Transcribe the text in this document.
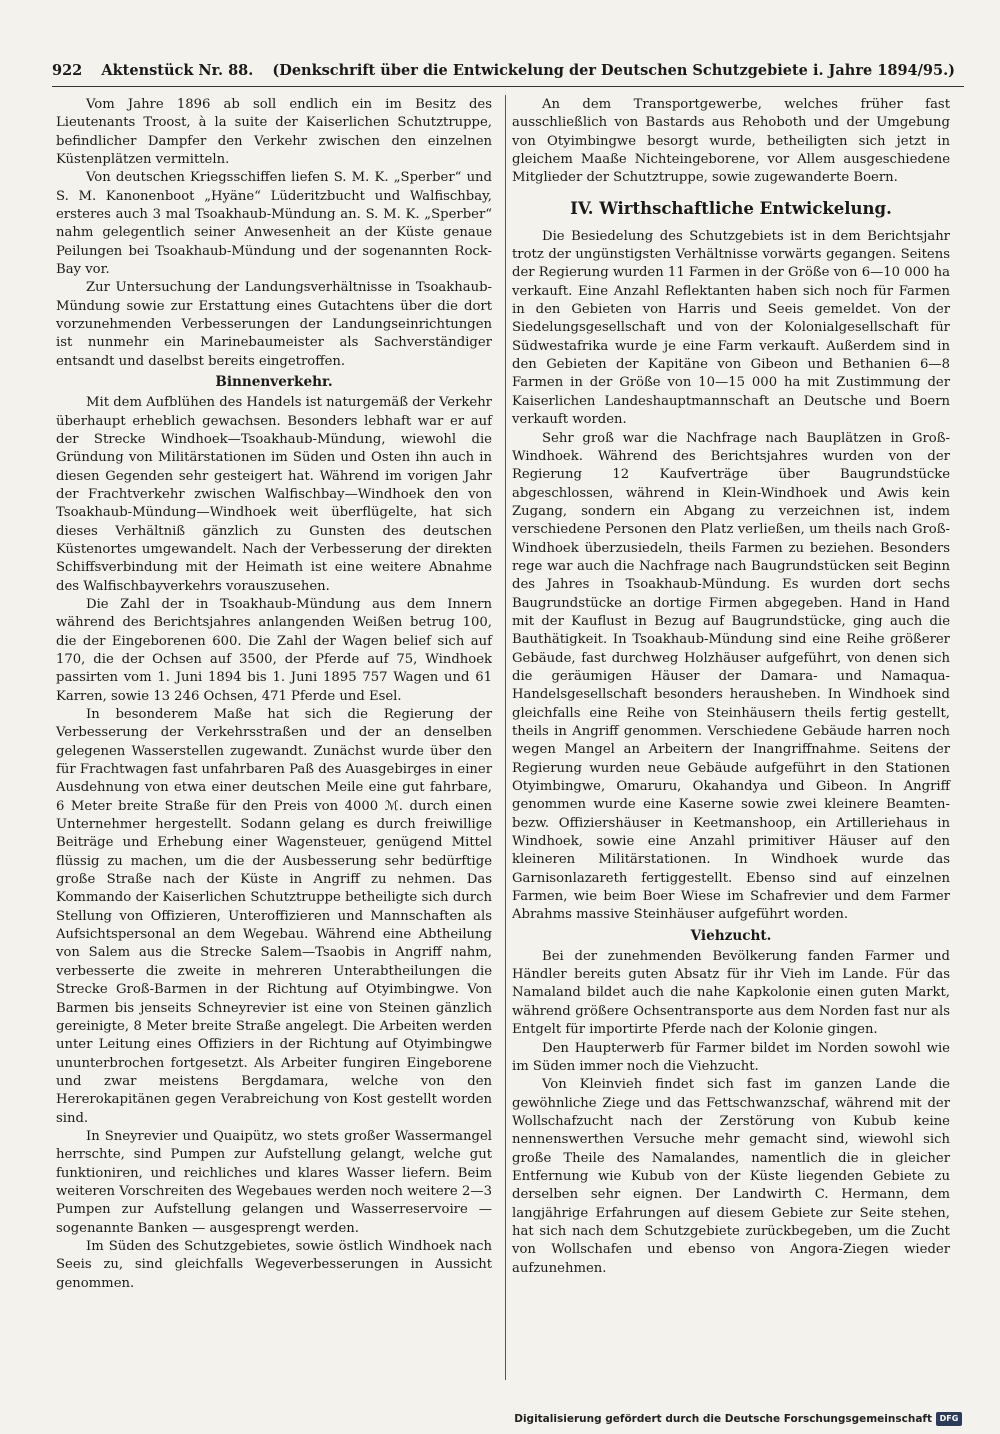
922 Aktenstück Nr. 88. (Denkschrift über die Entwickelung der Deutschen Schutzgebiete i. Jahre 1894/95.)

Vom Jahre 1896 ab soll endlich ein im Besitz des Lieutenants Troost, à la suite der Kaiserlichen Schutztruppe, befindlicher Dampfer den Verkehr zwischen den einzelnen Küstenplätzen vermitteln.

Von deutschen Kriegsschiffen liefen S. M. K. „Sperber“ und S. M. Kanonenboot „Hyäne“ Lüderitzbucht und Walfischbay, ersteres auch 3 mal Tsoakhaub-Mündung an. S. M. K. „Sperber“ nahm gelegentlich seiner Anwesenheit an der Küste genaue Peilungen bei Tsoakhaub-Mündung und der sogenannten Rock-Bay vor.

Zur Untersuchung der Landungsverhältnisse in Tsoakhaub-Mündung sowie zur Erstattung eines Gutachtens über die dort vorzunehmenden Verbesserungen der Landungseinrichtungen ist nunmehr ein Marinebaumeister als Sachverständiger entsandt und daselbst bereits eingetroffen.

Binnenverkehr.

Mit dem Aufblühen des Handels ist naturgemäß der Verkehr überhaupt erheblich gewachsen. Besonders lebhaft war er auf der Strecke Windhoek—Tsoakhaub-Mündung, wiewohl die Gründung von Militärstationen im Süden und Osten ihn auch in diesen Gegenden sehr gesteigert hat. Während im vorigen Jahr der Frachtverkehr zwischen Walfischbay—Windhoek den von Tsoakhaub-Mündung—Windhoek weit überflügelte, hat sich dieses Verhältniß gänzlich zu Gunsten des deutschen Küstenortes umgewandelt. Nach der Verbesserung der direkten Schiffsverbindung mit der Heimath ist eine weitere Abnahme des Walfischbayverkehrs vorauszusehen.

Die Zahl der in Tsoakhaub-Mündung aus dem Innern während des Berichtsjahres anlangenden Weißen betrug 100, die der Eingeborenen 600. Die Zahl der Wagen belief sich auf 170, die der Ochsen auf 3500, der Pferde auf 75, Windhoek passirten vom 1. Juni 1894 bis 1. Juni 1895 757 Wagen und 61 Karren, sowie 13 246 Ochsen, 471 Pferde und Esel.

In besonderem Maße hat sich die Regierung der Verbesserung der Verkehrsstraßen und der an denselben gelegenen Wasserstellen zugewandt. Zunächst wurde über den für Frachtwagen fast unfahrbaren Paß des Auasgebirges in einer Ausdehnung von etwa einer deutschen Meile eine gut fahrbare, 6 Meter breite Straße für den Preis von 4000 ℳ. durch einen Unternehmer hergestellt. Sodann gelang es durch freiwillige Beiträge und Erhebung einer Wagensteuer, genügend Mittel flüssig zu machen, um die der Ausbesserung sehr bedürftige große Straße nach der Küste in Angriff zu nehmen. Das Kommando der Kaiserlichen Schutztruppe betheiligte sich durch Stellung von Offizieren, Unteroffizieren und Mannschaften als Aufsichtspersonal an dem Wegebau. Während eine Abtheilung von Salem aus die Strecke Salem—Tsaobis in Angriff nahm, verbesserte die zweite in mehreren Unterabtheilungen die Strecke Groß-Barmen in der Richtung auf Otyimbingwe. Von Barmen bis jenseits Schneyrevier ist eine von Steinen gänzlich gereinigte, 8 Meter breite Straße angelegt. Die Arbeiten werden unter Leitung eines Offiziers in der Richtung auf Otyimbingwe ununterbrochen fortgesetzt. Als Arbeiter fungiren Eingeborene und zwar meistens Bergdamara, welche von den Hererokapitänen gegen Verabreichung von Kost gestellt worden sind.

In Sneyrevier und Quaipütz, wo stets großer Wassermangel herrschte, sind Pumpen zur Aufstellung gelangt, welche gut funktioniren, und reichliches und klares Wasser liefern. Beim weiteren Vorschreiten des Wegebaues werden noch weitere 2—3 Pumpen zur Aufstellung gelangen und Wasserreservoire — sogenannte Banken — ausgesprengt werden.

Im Süden des Schutzgebietes, sowie östlich Windhoek nach Seeis zu, sind gleichfalls Wegeverbesserungen in Aussicht genommen.

An dem Transportgewerbe, welches früher fast ausschließlich von Bastards aus Rehoboth und der Umgebung von Otyimbingwe besorgt wurde, betheiligten sich jetzt in gleichem Maaße Nichteingeborene, vor Allem ausgeschiedene Mitglieder der Schutztruppe, sowie zugewanderte Boern.

IV. Wirthschaftliche Entwickelung.

Die Besiedelung des Schutzgebiets ist in dem Berichtsjahr trotz der ungünstigsten Verhältnisse vorwärts gegangen. Seitens der Regierung wurden 11 Farmen in der Größe von 6—10 000 ha verkauft. Eine Anzahl Reflektanten haben sich noch für Farmen in den Gebieten von Harris und Seeis gemeldet. Von der Siedelungsgesellschaft und von der Kolonialgesellschaft für Südwestafrika wurde je eine Farm verkauft. Außerdem sind in den Gebieten der Kapitäne von Gibeon und Bethanien 6—8 Farmen in der Größe von 10—15 000 ha mit Zustimmung der Kaiserlichen Landeshauptmannschaft an Deutsche und Boern verkauft worden.

Sehr groß war die Nachfrage nach Bauplätzen in Groß-Windhoek. Während des Berichtsjahres wurden von der Regierung 12 Kaufverträge über Baugrundstücke abgeschlossen, während in Klein-Windhoek und Awis kein Zugang, sondern ein Abgang zu verzeichnen ist, indem verschiedene Personen den Platz verließen, um theils nach Groß-Windhoek überzusiedeln, theils Farmen zu beziehen. Besonders rege war auch die Nachfrage nach Baugrundstücken seit Beginn des Jahres in Tsoakhaub-Mündung. Es wurden dort sechs Baugrundstücke an dortige Firmen abgegeben. Hand in Hand mit der Kauflust in Bezug auf Baugrundstücke, ging auch die Bauthätigkeit. In Tsoakhaub-Mündung sind eine Reihe größerer Gebäude, fast durchweg Holzhäuser aufgeführt, von denen sich die geräumigen Häuser der Damara- und Namaqua-Handelsgesellschaft besonders herausheben. In Windhoek sind gleichfalls eine Reihe von Steinhäusern theils fertig gestellt, theils in Angriff genommen. Verschiedene Gebäude harren noch wegen Mangel an Arbeitern der Inangriffnahme. Seitens der Regierung wurden neue Gebäude aufgeführt in den Stationen Otyimbingwe, Omaruru, Okahandya und Gibeon. In Angriff genommen wurde eine Kaserne sowie zwei kleinere Beamten- bezw. Offiziershäuser in Keetmanshoop, ein Artilleriehaus in Windhoek, sowie eine Anzahl primitiver Häuser auf den kleineren Militärstationen. In Windhoek wurde das Garnisonlazareth fertiggestellt. Ebenso sind auf einzelnen Farmen, wie beim Boer Wiese im Schafrevier und dem Farmer Abrahms massive Steinhäuser aufgeführt worden.

Viehzucht.

Bei der zunehmenden Bevölkerung fanden Farmer und Händler bereits guten Absatz für ihr Vieh im Lande. Für das Namaland bildet auch die nahe Kapkolonie einen guten Markt, während größere Ochsentransporte aus dem Norden fast nur als Entgelt für importirte Pferde nach der Kolonie gingen.

Den Haupterwerb für Farmer bildet im Norden sowohl wie im Süden immer noch die Viehzucht.

Von Kleinvieh findet sich fast im ganzen Lande die gewöhnliche Ziege und das Fettschwanzschaf, während mit der Wollschafzucht nach der Zerstörung von Kubub keine nennenswerthen Versuche mehr gemacht sind, wiewohl sich große Theile des Namalandes, namentlich die in gleicher Entfernung wie Kubub von der Küste liegenden Gebiete zu derselben sehr eignen. Der Landwirth C. Hermann, dem langjährige Erfahrungen auf diesem Gebiete zur Seite stehen, hat sich nach dem Schutzgebiete zurückbegeben, um die Zucht von Wollschafen und ebenso von Angora-Ziegen wieder aufzunehmen.

Digitalisierung gefördert durch die Deutsche Forschungsgemeinschaft DFG
